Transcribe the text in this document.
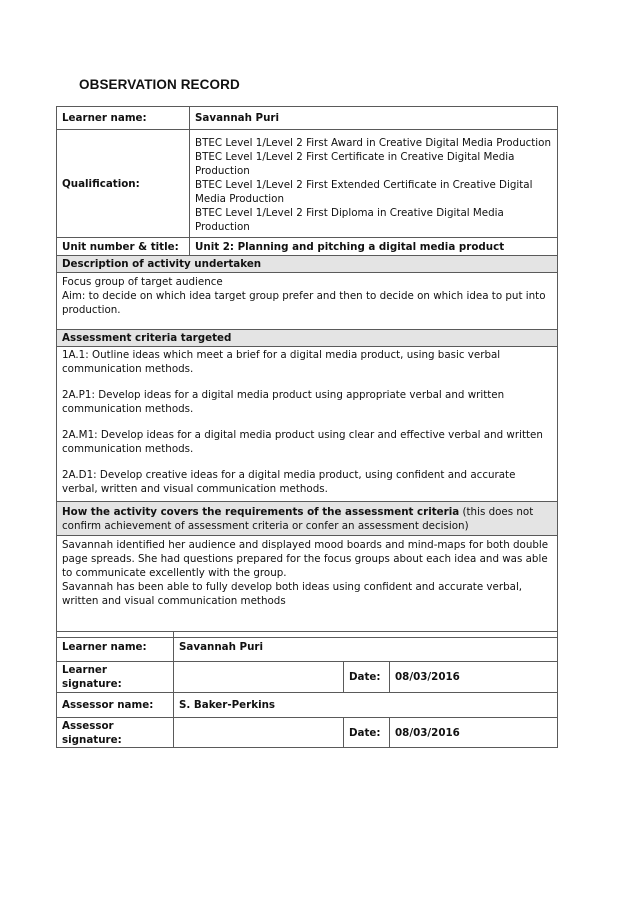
OBSERVATION RECORD
Learner name:	Savannah Puri
Qualification:	BTEC Level 1/Level 2 First Award in Creative Digital Media Production

BTEC Level 1/Level 2 First Certificate in Creative Digital Media Production

BTEC Level 1/Level 2 First Extended Certificate in Creative Digital Media Production

BTEC Level 1/Level 2 First Diploma in Creative Digital Media Production

Unit number & title:	Unit 2: Planning and pitching a digital media product
Description of activity undertaken	

Focus group of target audience

Aim: to decide on which idea target group prefer and then to decide on which idea to put into production.	

Assessment criteria targeted	

1A.1: Outline ideas which meet a brief for a digital media product, using basic verbal communication methods.

2A.P1: Develop ideas for a digital media product using appropriate verbal and written communication methods.

2A.M1: Develop ideas for a digital media product using clear and effective verbal and written communication methods.

2A.D1: Develop creative ideas for a digital media product, using confident and accurate verbal, written and visual communication methods.	

How the activity covers the requirements of the assessment criteria (this does not confirm achievement of assessment criteria or confer an assessment decision)	

Savannah identified her audience and displayed mood boards and mind-maps for both double page spreads. She had questions prepared for the focus groups about each idea and was able to communicate excellently with the group.

Savannah has been able to fully develop both ideas using confident and accurate verbal, written and visual communication methods	

Learner name:	Savannah Puri		
Learner signature:		Date:	08/03/2016
Assessor name:	S. Baker-Perkins		
Assessor signature:		Date:	08/03/2016
